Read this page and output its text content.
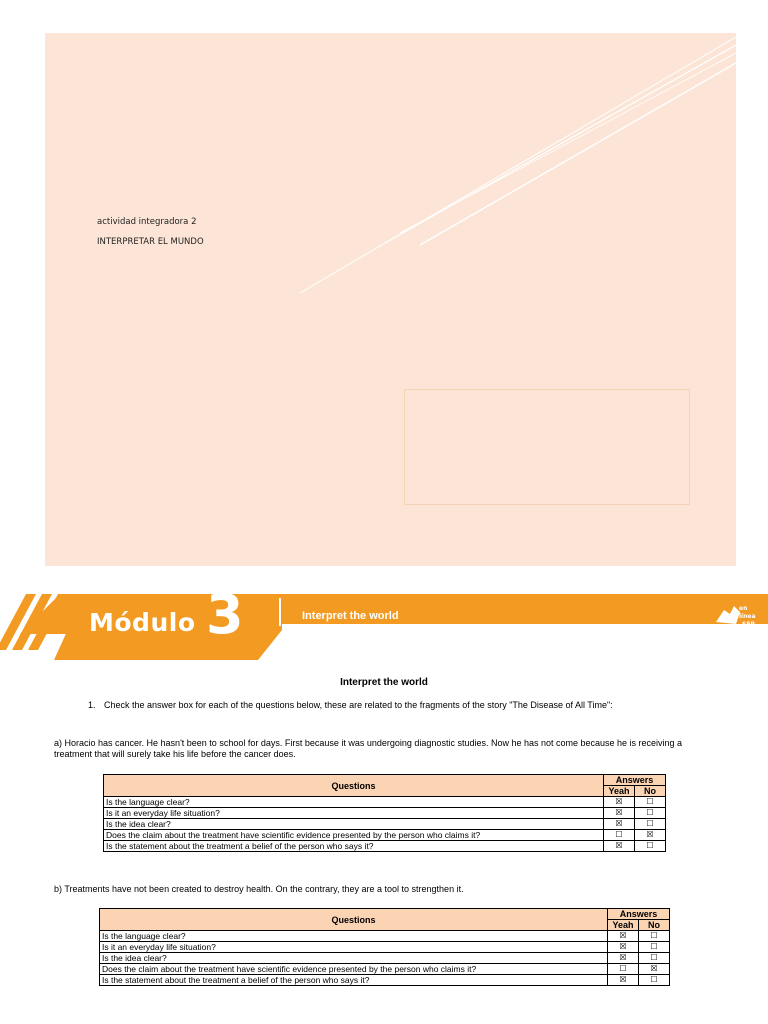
actividad integradora 2
INTERPRETAR EL MUNDO
Módulo 3	Interpret the world
en
línea
SEP
Interpret the world
1. Check the answer box for each of the questions below, these are related to the fragments of the story "The Disease of All Time":
a) Horacio has cancer. He hasn't been to school for days. First because it was undergoing diagnostic studies. Now he has not come because he is receiving a treatment that will surely take his life before the cancer does.
Questions	Answers	
	Yeah	No
Is the language clear?	☒	☐
Is it an everyday life situation?	☒	☐
Is the idea clear?	☒	☐
Does the claim about the treatment have scientific evidence presented by the person who claims it?	☐	☒
Is the statement about the treatment a belief of the person who says it?	☒	☐
b) Treatments have not been created to destroy health. On the contrary, they are a tool to strengthen it.
Questions	Answers	
	Yeah	No
Is the language clear?	☒	☐
Is it an everyday life situation?	☒	☐
Is the idea clear?	☒	☐
Does the claim about the treatment have scientific evidence presented by the person who claims it?	☐	☒
Is the statement about the treatment a belief of the person who says it?	☒	☐
